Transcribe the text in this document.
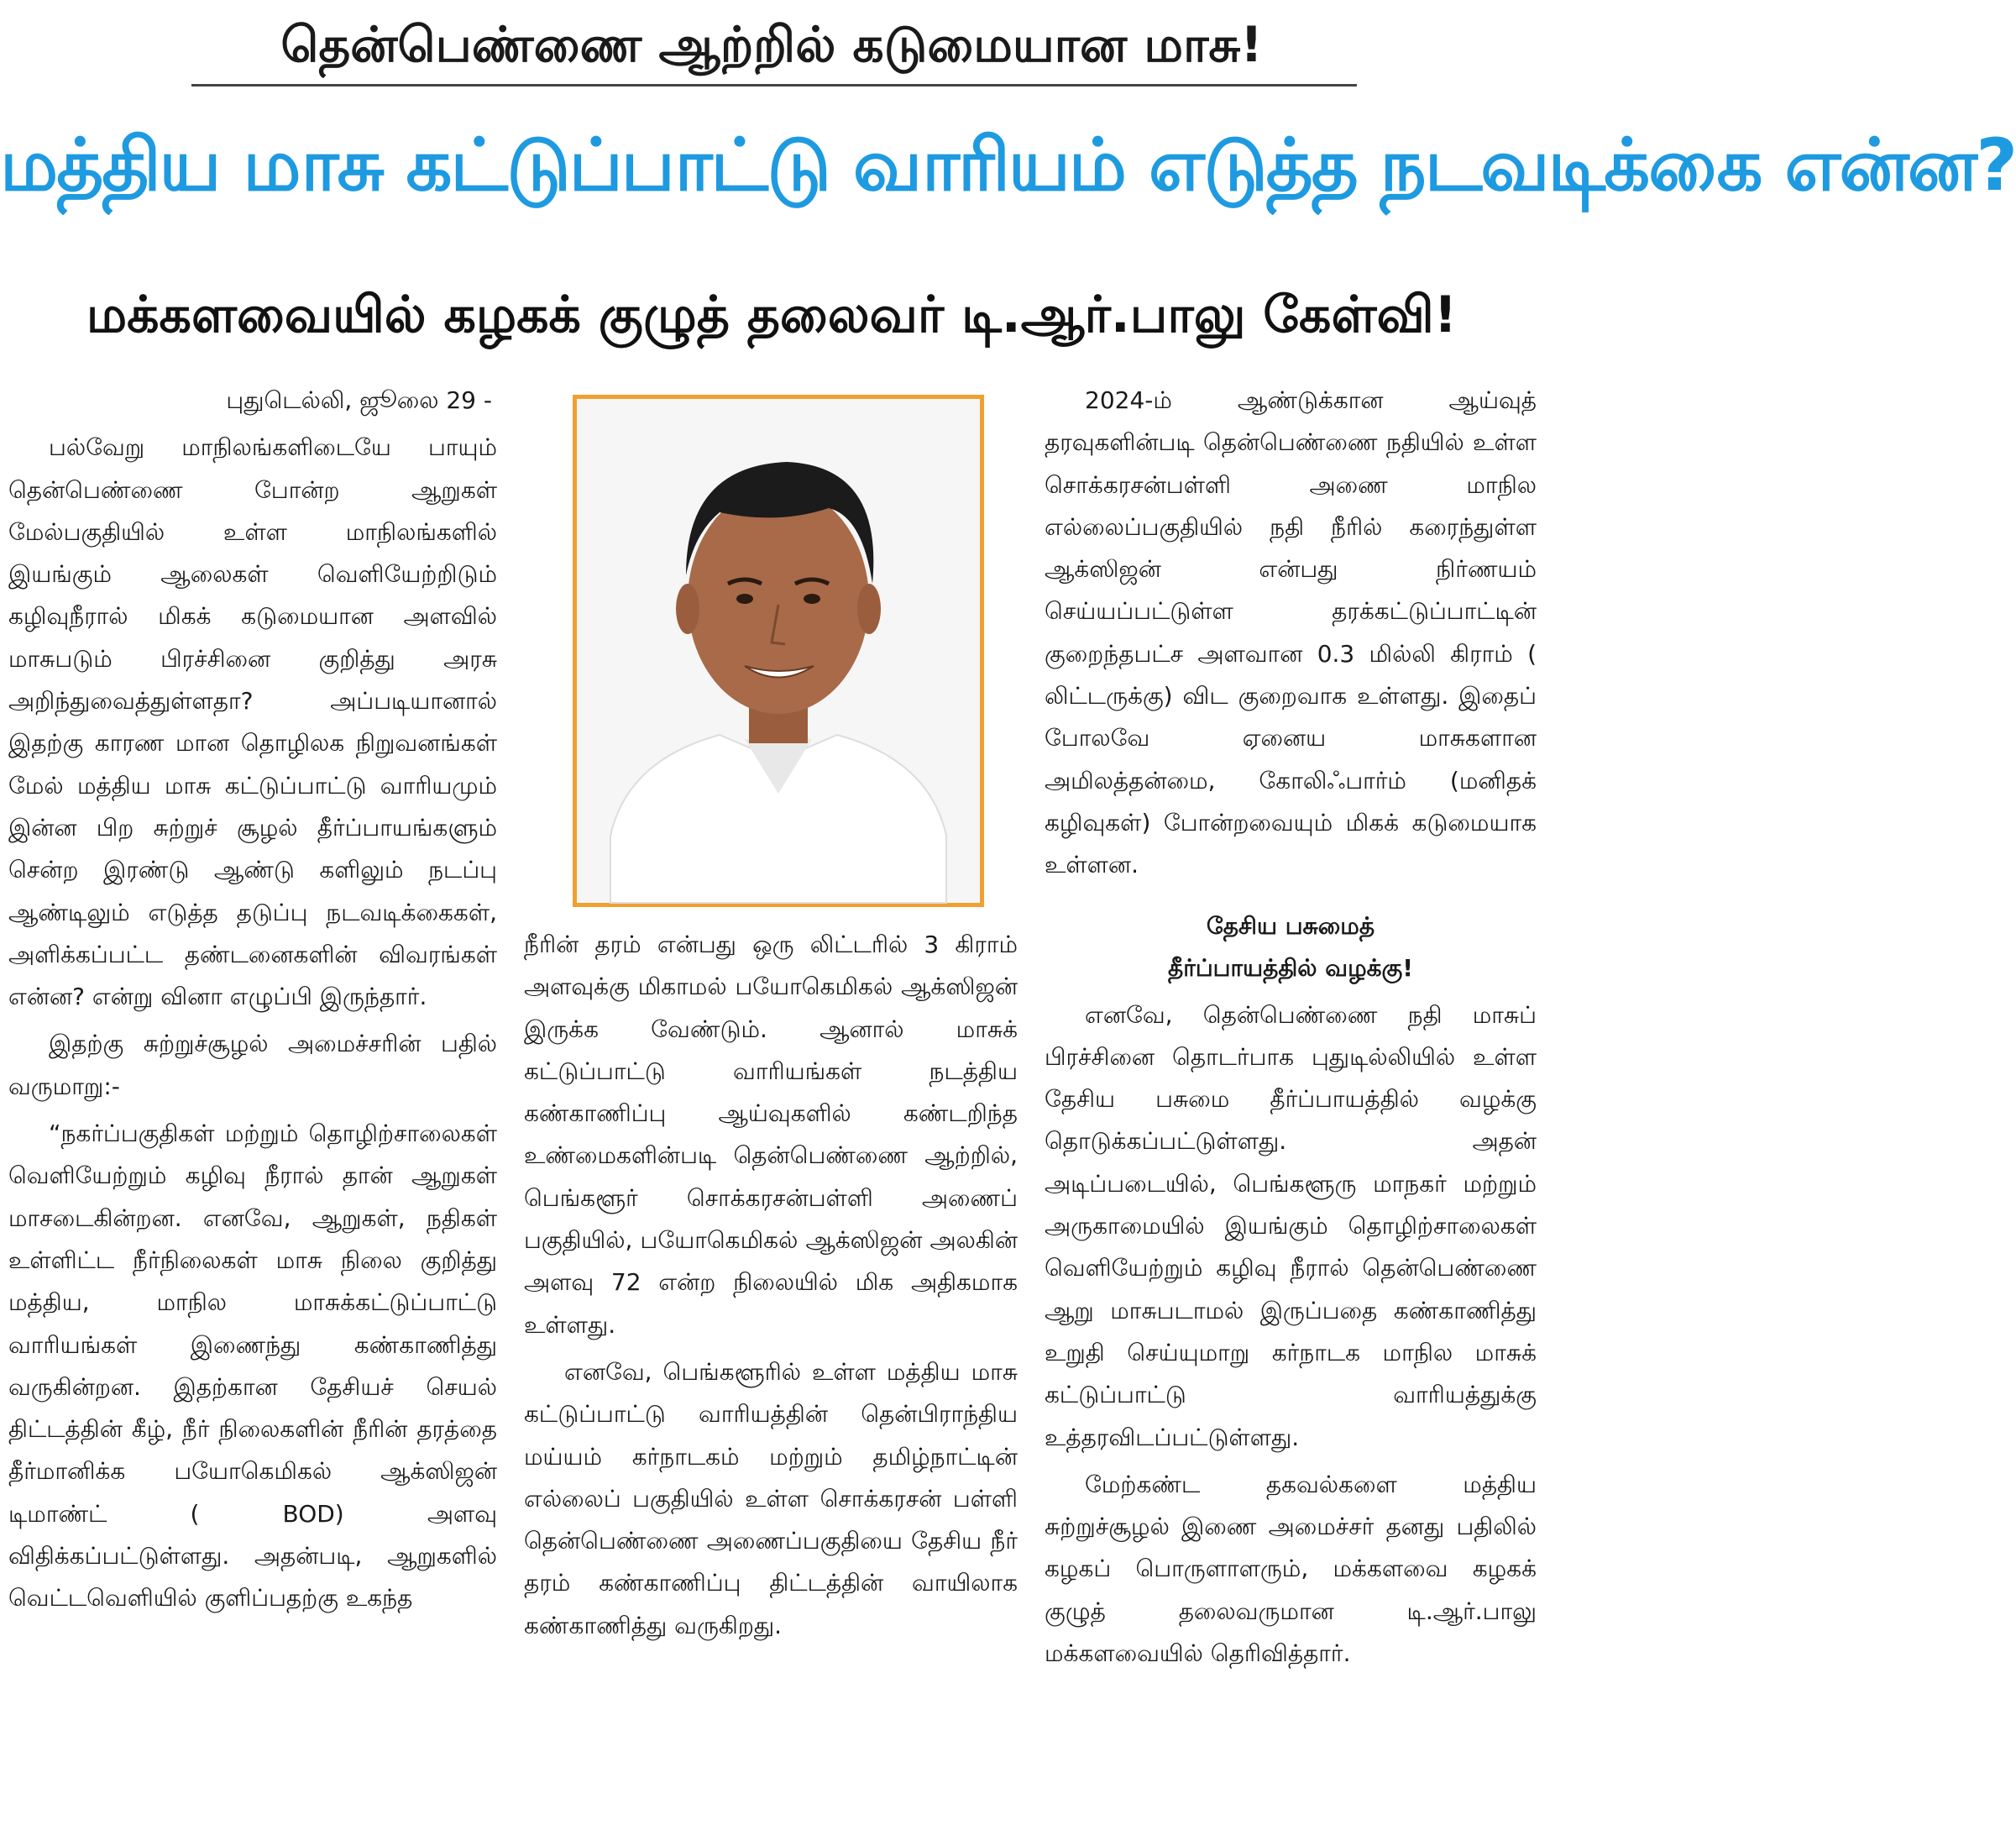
தென்பெண்ணை ஆற்றில் கடுமையான மாசு!
மத்திய மாசு கட்டுப்பாட்டு வாரியம் எடுத்த நடவடிக்கை என்ன?
மக்களவையில் கழகக் குழுத் தலைவர் டி.ஆர்.பாலு கேள்வி!

புதுடெல்லி, ஜூலை 29 -

பல்வேறு மாநிலங்களிடையே பாயும் தென்பெண்ணை போன்ற ஆறுகள் மேல்பகுதியில் உள்ள மாநிலங்களில் இயங்கும் ஆலைகள் வெளியேற்றிடும் கழிவுநீரால் மிகக் கடுமையான அளவில் மாசுபடும் பிரச்சினை குறித்து அரசு அறிந்துவைத்துள்ளதா? அப்படியானால் இதற்கு காரண மான தொழிலக நிறுவனங்கள் மேல் மத்திய மாசு கட்டுப்பாட்டு வாரியமும் இன்ன பிற சுற்றுச் சூழல் தீர்ப்பாயங்களும் சென்ற இரண்டு ஆண்டு களிலும் நடப்பு ஆண்டிலும் எடுத்த தடுப்பு நடவடிக்கைகள், அளிக்கப்பட்ட தண்டனைகளின் விவரங்கள் என்ன? என்று வினா எழுப்பி இருந்தார்.

இதற்கு சுற்றுச்சூழல் அமைச்சரின் பதில் வருமாறு:-

“நகர்ப்பகுதிகள் மற்றும் தொழிற்சாலைகள் வெளியேற்றும் கழிவு நீரால் தான் ஆறுகள் மாசடைகின்றன. எனவே, ஆறுகள், நதிகள் உள்ளிட்ட நீர்நிலைகள் மாசு நிலை குறித்து மத்திய, மாநில மாசுக்கட்டுப்பாட்டு வாரியங்கள் இணைந்து கண்காணித்து வருகின்றன. இதற்கான தேசியச் செயல் திட்டத்தின் கீழ், நீர் நிலைகளின் நீரின் தரத்தை தீர்மானிக்க பயோகெமிகல் ஆக்ஸிஜன் டிமாண்ட் ( BOD) அளவு விதிக்கப்பட்டுள்ளது. அதன்படி, ஆறுகளில் வெட்டவெளியில் குளிப்பதற்கு உகந்த

நீரின் தரம் என்பது ஒரு லிட்டரில் 3 கிராம் அளவுக்கு மிகாமல் பயோகெமிகல் ஆக்ஸிஜன் இருக்க வேண்டும். ஆனால் மாசுக் கட்டுப்பாட்டு வாரியங்கள் நடத்திய கண்காணிப்பு ஆய்வுகளில் கண்டறிந்த உண்மைகளின்படி தென்பெண்ணை ஆற்றில், பெங்களூர் சொக்கரசன்பள்ளி அணைப் பகுதியில், பயோகெமிகல் ஆக்ஸிஜன் அலகின் அளவு 72 என்ற நிலையில் மிக அதிகமாக உள்ளது.

எனவே, பெங்களூரில் உள்ள மத்திய மாசு கட்டுப்பாட்டு வாரியத்தின் தென்பிராந்திய மய்யம் கர்நாடகம் மற்றும் தமிழ்நாட்டின் எல்லைப் பகுதியில் உள்ள சொக்கரசன் பள்ளி தென்பெண்ணை அணைப்பகுதியை தேசிய நீர் தரம் கண்காணிப்பு திட்டத்தின் வாயிலாக கண்காணித்து வருகிறது.

2024-ம் ஆண்டுக்கான ஆய்வுத் தரவுகளின்படி தென்பெண்ணை நதியில் உள்ள சொக்கரசன்பள்ளி அணை மாநில எல்லைப்பகுதியில் நதி நீரில் கரைந்துள்ள ஆக்ஸிஜன் என்பது நிர்ணயம் செய்யப்பட்டுள்ள தரக்கட்டுப்பாட்டின் குறைந்தபட்ச அளவான 0.3 மில்லி கிராம் ( லிட்டருக்கு) விட குறைவாக உள்ளது. இதைப் போலவே ஏனைய மாசுகளான அமிலத்தன்மை, கோலிஃபார்ம் (மனிதக் கழிவுகள்) போன்றவையும் மிகக் கடுமையாக உள்ளன.

தேசிய பசுமைத்
தீர்ப்பாயத்தில் வழக்கு!

எனவே, தென்பெண்ணை நதி மாசுப் பிரச்சினை தொடர்பாக புதுடில்லியில் உள்ள தேசிய பசுமை தீர்ப்பாயத்தில் வழக்கு தொடுக்கப்பட்டுள்ளது. அதன் அடிப்படையில், பெங்களூரு மாநகர் மற்றும் அருகாமையில் இயங்கும் தொழிற்சாலைகள் வெளியேற்றும் கழிவு நீரால் தென்பெண்ணை ஆறு மாசுபடாமல் இருப்பதை கண்காணித்து உறுதி செய்யுமாறு கர்நாடக மாநில மாசுக் கட்டுப்பாட்டு வாரியத்துக்கு உத்தரவிடப்பட்டுள்ளது.

மேற்கண்ட தகவல்களை மத்திய சுற்றுச்சூழல் இணை அமைச்சர் தனது பதிலில் கழகப் பொருளாளரும், மக்களவை கழகக் குழுத் தலைவருமான டி.ஆர்.பாலு மக்களவையில் தெரிவித்தார்.
